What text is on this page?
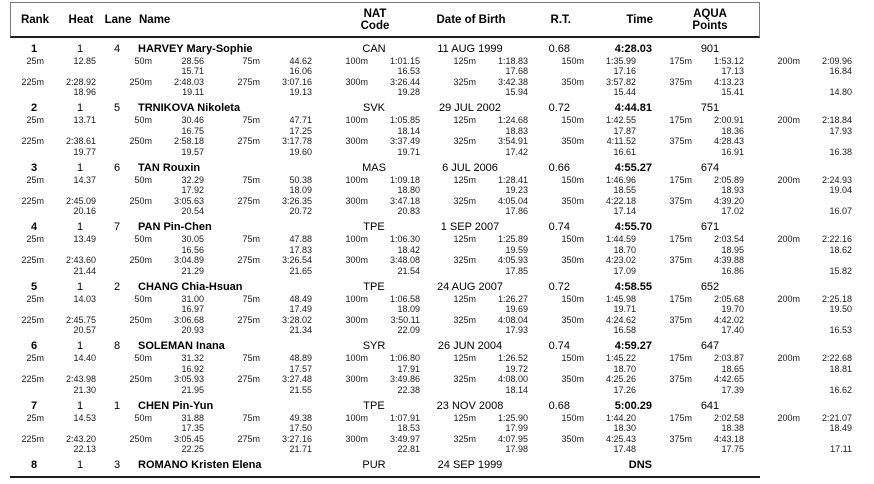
Rank	Heat Lane Name	NAT
Code	Date of Birth	R.T.	Time	AQUA
Points
1	1	4	HARVEY Mary-Sophie	CAN	11 AUG 1999	0.68	4:28.03	901
25m	12.85	50m	28.56	75m	44.62	100m	1:01.15	125m	1:18.83	150m	1:35.99	175m	1:53.12	200m	2:09.96
15.71	16.06	16.53	17.68	17.16	17.13	16.84
225m	2:28.92	250m	2:48.03	275m	3:07.16	300m	3:26.44	325m	3:42.38	350m	3:57.82	375m	4:13.23
18.96	19.11	19.13	19.28	15.94	15.44	15.41	14.80
2	1	5	TRNIKOVA Nikoleta	SVK	29 JUL 2002	0.72	4:44.81	751
25m	13.71	50m	30.46	75m	47.71	100m	1:05.85	125m	1:24.68	150m	1:42.55	175m	2:00.91	200m	2:18.84
16.75	17.25	18.14	18.83	17.87	18.36	17.93
225m	2:38.61	250m	2:58.18	275m	3:17.78	300m	3:37.49	325m	3:54.91	350m	4:11.52	375m	4:28.43
19.77	19.57	19.60	19.71	17.42	16.61	16.91	16.38
3	1	6	TAN Rouxin	MAS	6 JUL 2006	0.66	4:55.27	674
25m	14.37	50m	32.29	75m	50.38	100m	1:09.18	125m	1:28.41	150m	1:46.96	175m	2:05.89	200m	2:24.93
17.92	18.09	18.80	19.23	18.55	18.93	19.04
225m	2:45.09	250m	3:05.63	275m	3:26.35	300m	3:47.18	325m	4:05.04	350m	4:22.18	375m	4:39.20
20.16	20.54	20.72	20.83	17.86	17.14	17.02	16.07
4	1	7	PAN Pin-Chen	TPE	1 SEP 2007	0.74	4:55.70	671
25m	13.49	50m	30.05	75m	47.88	100m	1:06.30	125m	1:25.89	150m	1:44.59	175m	2:03.54	200m	2:22.16
16.56	17.83	18.42	19.59	18.70	18.95	18.62
225m	2:43.60	250m	3:04.89	275m	3:26.54	300m	3:48.08	325m	4:05.93	350m	4:23.02	375m	4:39.88
21.44	21.29	21.65	21.54	17.85	17.09	16.86	15.82
5	1	2	CHANG Chia-Hsuan	TPE	24 AUG 2007	0.72	4:58.55	652
25m	14.03	50m	31.00	75m	48.49	100m	1:06.58	125m	1:26.27	150m	1:45.98	175m	2:05.68	200m	2:25.18
16.97	17.49	18.09	19.69	19.71	19.70	19.50
225m	2:45.75	250m	3:06.68	275m	3:28.02	300m	3:50.11	325m	4:08.04	350m	4:24.62	375m	4:42.02
20.57	20.93	21.34	22.09	17.93	16.58	17.40	16.53
6	1	8	SOLEMAN Inana	SYR	26 JUN 2004	0.74	4:59.27	647
25m	14.40	50m	31.32	75m	48.89	100m	1:06.80	125m	1:26.52	150m	1:45.22	175m	2:03.87	200m	2:22.68
16.92	17.57	17.91	19.72	18.70	18.65	18.81
225m	2:43.98	250m	3:05.93	275m	3:27.48	300m	3:49.86	325m	4:08.00	350m	4:25.26	375m	4:42.65
21.30	21.95	21.55	22.38	18.14	17.26	17.39	16.62
7	1	1	CHEN Pin-Yun	TPE	23 NOV 2008	0.68	5:00.29	641
25m	14.53	50m	31.88	75m	49.38	100m	1:07.91	125m	1:25.90	150m	1:44.20	175m	2:02.58	200m	2:21.07
17.35	17.50	18.53	17.99	18.30	18.38	18.49
225m	2:43.20	250m	3:05.45	275m	3:27.16	300m	3:49.97	325m	4:07.95	350m	4:25.43	375m	4:43.18
22.13	22.25	21.71	22.81	17.98	17.48	17.75	17.11
8	1	3	ROMANO Kristen Elena	PUR	24 SEP 1999	DNS
